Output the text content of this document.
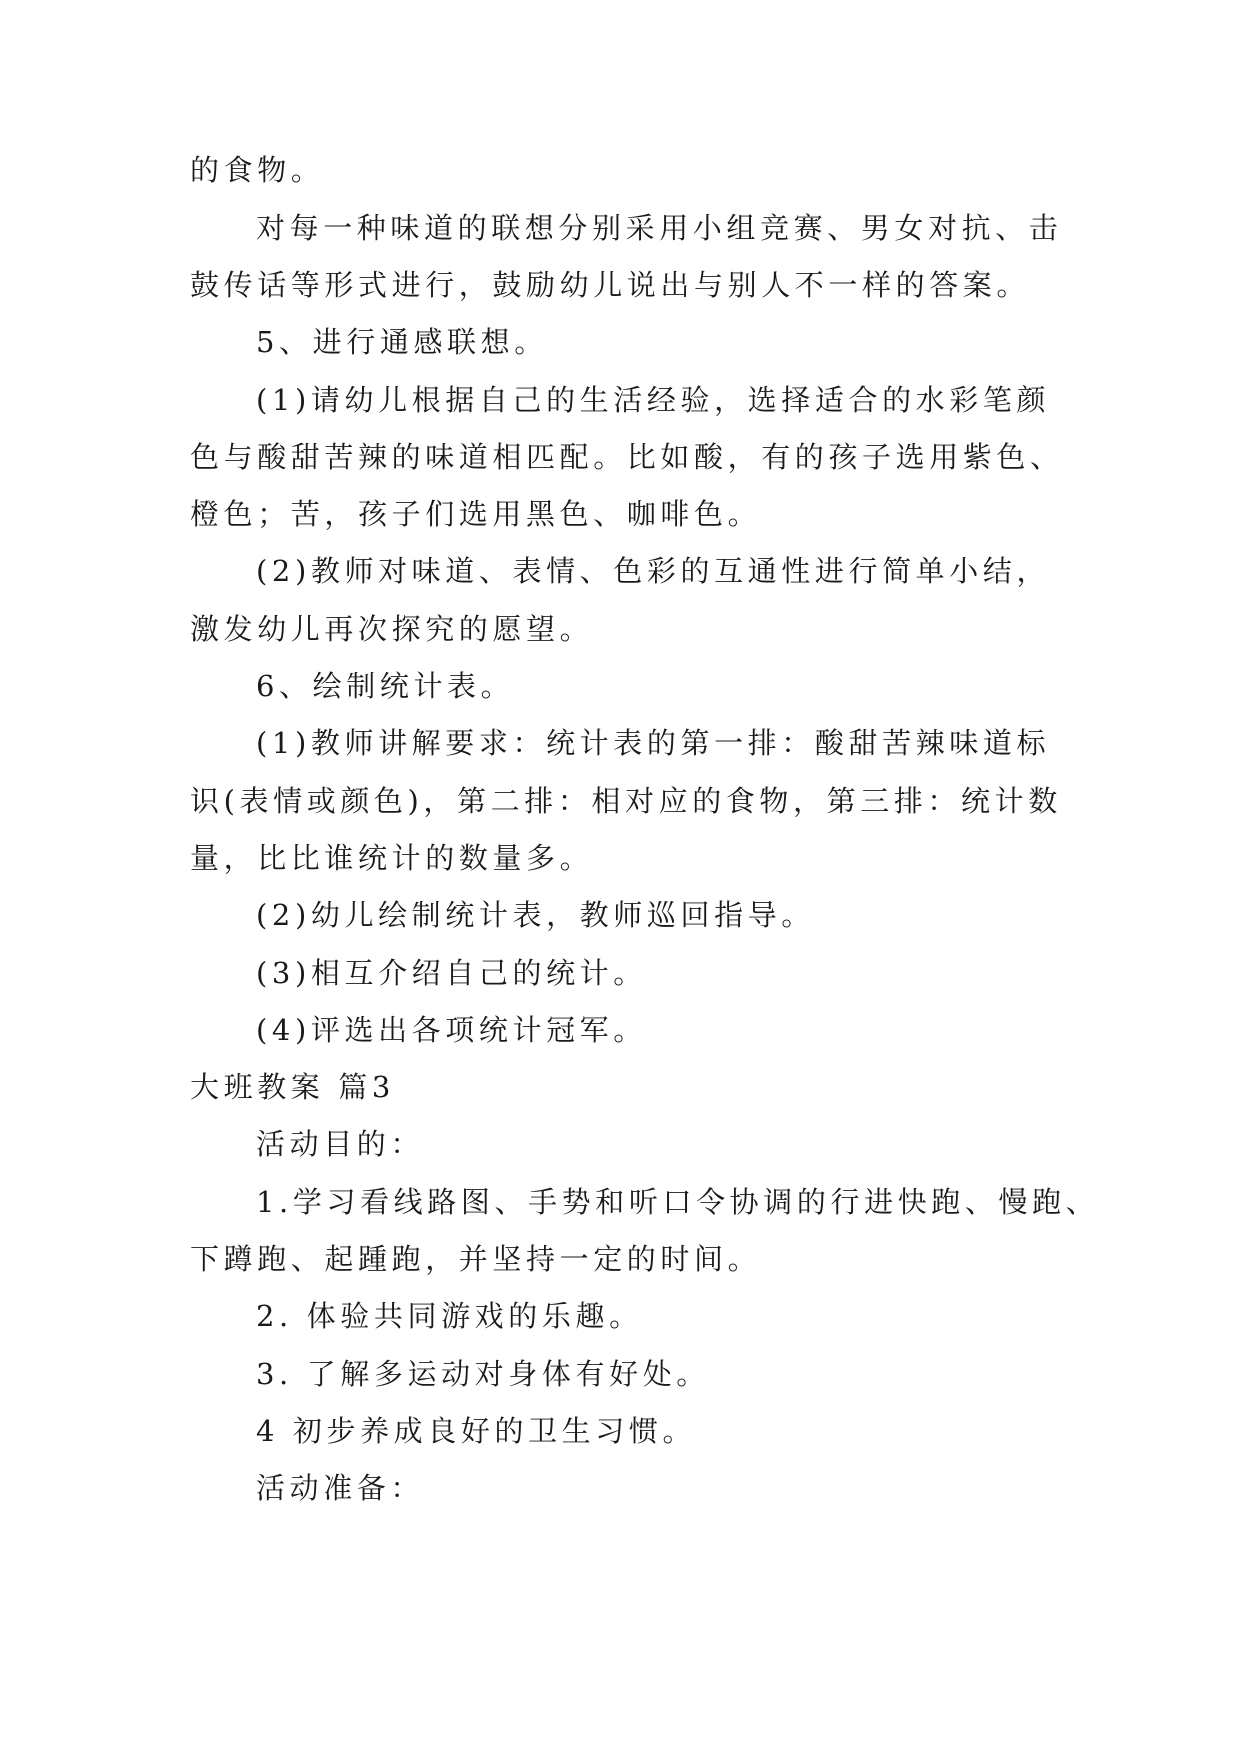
的食物。
对每一种味道的联想分别采用小组竞赛、男女对抗、击
鼓传话等形式进行，鼓励幼儿说出与别人不一样的答案。
5、进行通感联想。
(1)请幼儿根据自己的生活经验，选择适合的水彩笔颜
色与酸甜苦辣的味道相匹配。比如酸，有的孩子选用紫色、
橙色；苦，孩子们选用黑色、咖啡色。
(2)教师对味道、表情、色彩的互通性进行简单小结，
激发幼儿再次探究的愿望。
6、绘制统计表。
(1)教师讲解要求：统计表的第一排：酸甜苦辣味道标
识(表情或颜色)，第二排：相对应的食物，第三排：统计数
量，比比谁统计的数量多。
(2)幼儿绘制统计表，教师巡回指导。
(3)相互介绍自己的统计。
(4)评选出各项统计冠军。
大班教案 篇3
活动目的：
1.学习看线路图、手势和听口令协调的行进快跑、慢跑、
下蹲跑、起踵跑，并坚持一定的时间。
2. 体验共同游戏的乐趣。
3. 了解多运动对身体有好处。
4 初步养成良好的卫生习惯。
活动准备：
